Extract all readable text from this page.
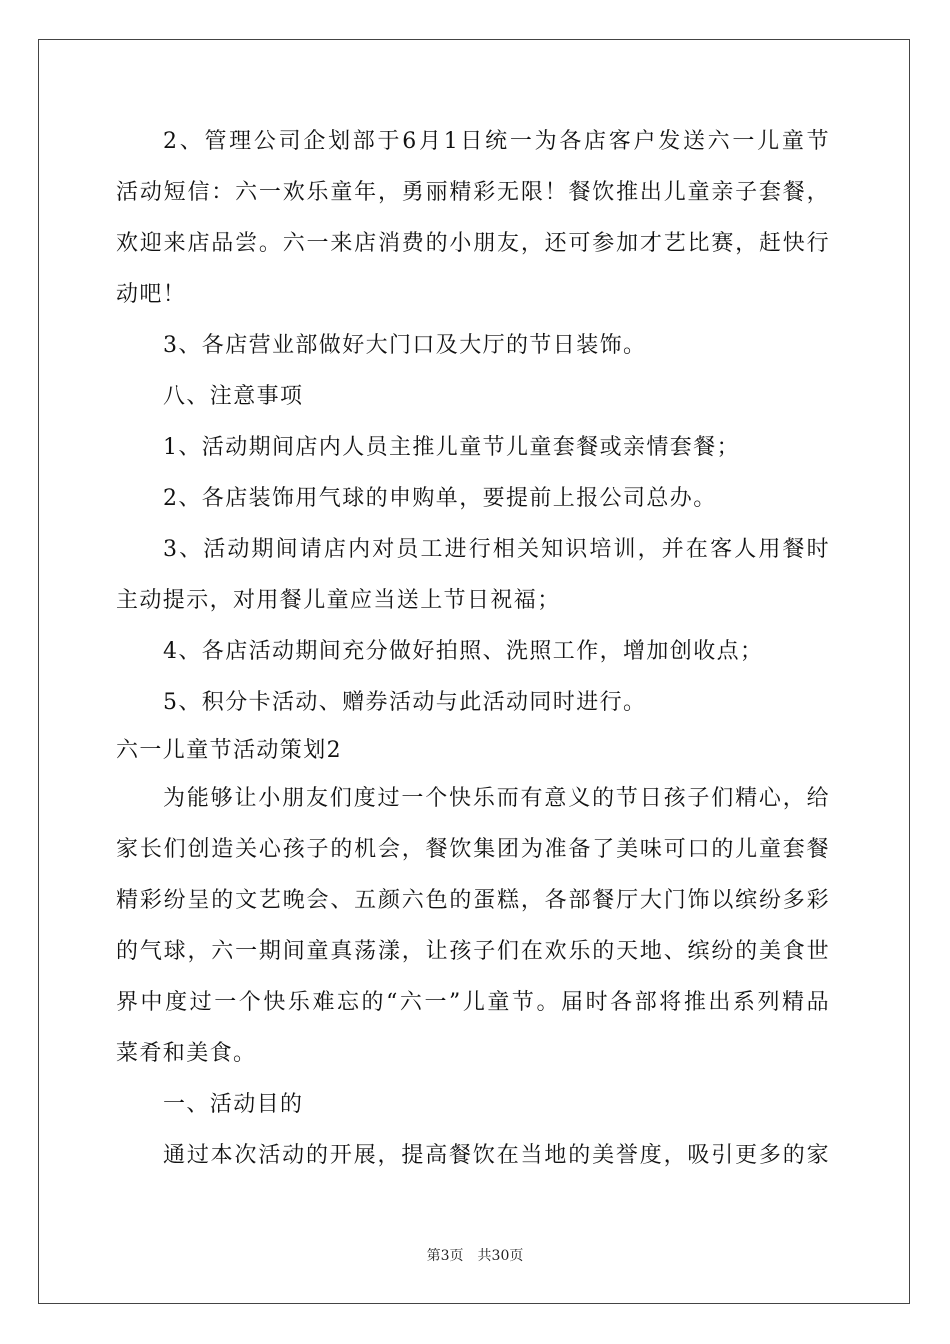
2、管理公司企划部于6月1日统一为各店客户发送六一儿童节
活动短信：六一欢乐童年，勇丽精彩无限！餐饮推出儿童亲子套餐，
欢迎来店品尝。六一来店消费的小朋友，还可参加才艺比赛，赶快行
动吧！
3、各店营业部做好大门口及大厅的节日装饰。
八、注意事项
1、活动期间店内人员主推儿童节儿童套餐或亲情套餐；
2、各店装饰用气球的申购单，要提前上报公司总办。
3、活动期间请店内对员工进行相关知识培训，并在客人用餐时
主动提示，对用餐儿童应当送上节日祝福；
4、各店活动期间充分做好拍照、洗照工作，增加创收点；
5、积分卡活动、赠券活动与此活动同时进行。
六一儿童节活动策划2
为能够让小朋友们度过一个快乐而有意义的节日孩子们精心，给
家长们创造关心孩子的机会，餐饮集团为准备了美味可口的儿童套餐
精彩纷呈的文艺晚会、五颜六色的蛋糕，各部餐厅大门饰以缤纷多彩
的气球，六一期间童真荡漾，让孩子们在欢乐的天地、缤纷的美食世
界中度过一个快乐难忘的“六一”儿童节。届时各部将推出系列精品
菜肴和美食。
一、活动目的
通过本次活动的开展，提高餐饮在当地的美誉度，吸引更多的家
第3页　共30页
